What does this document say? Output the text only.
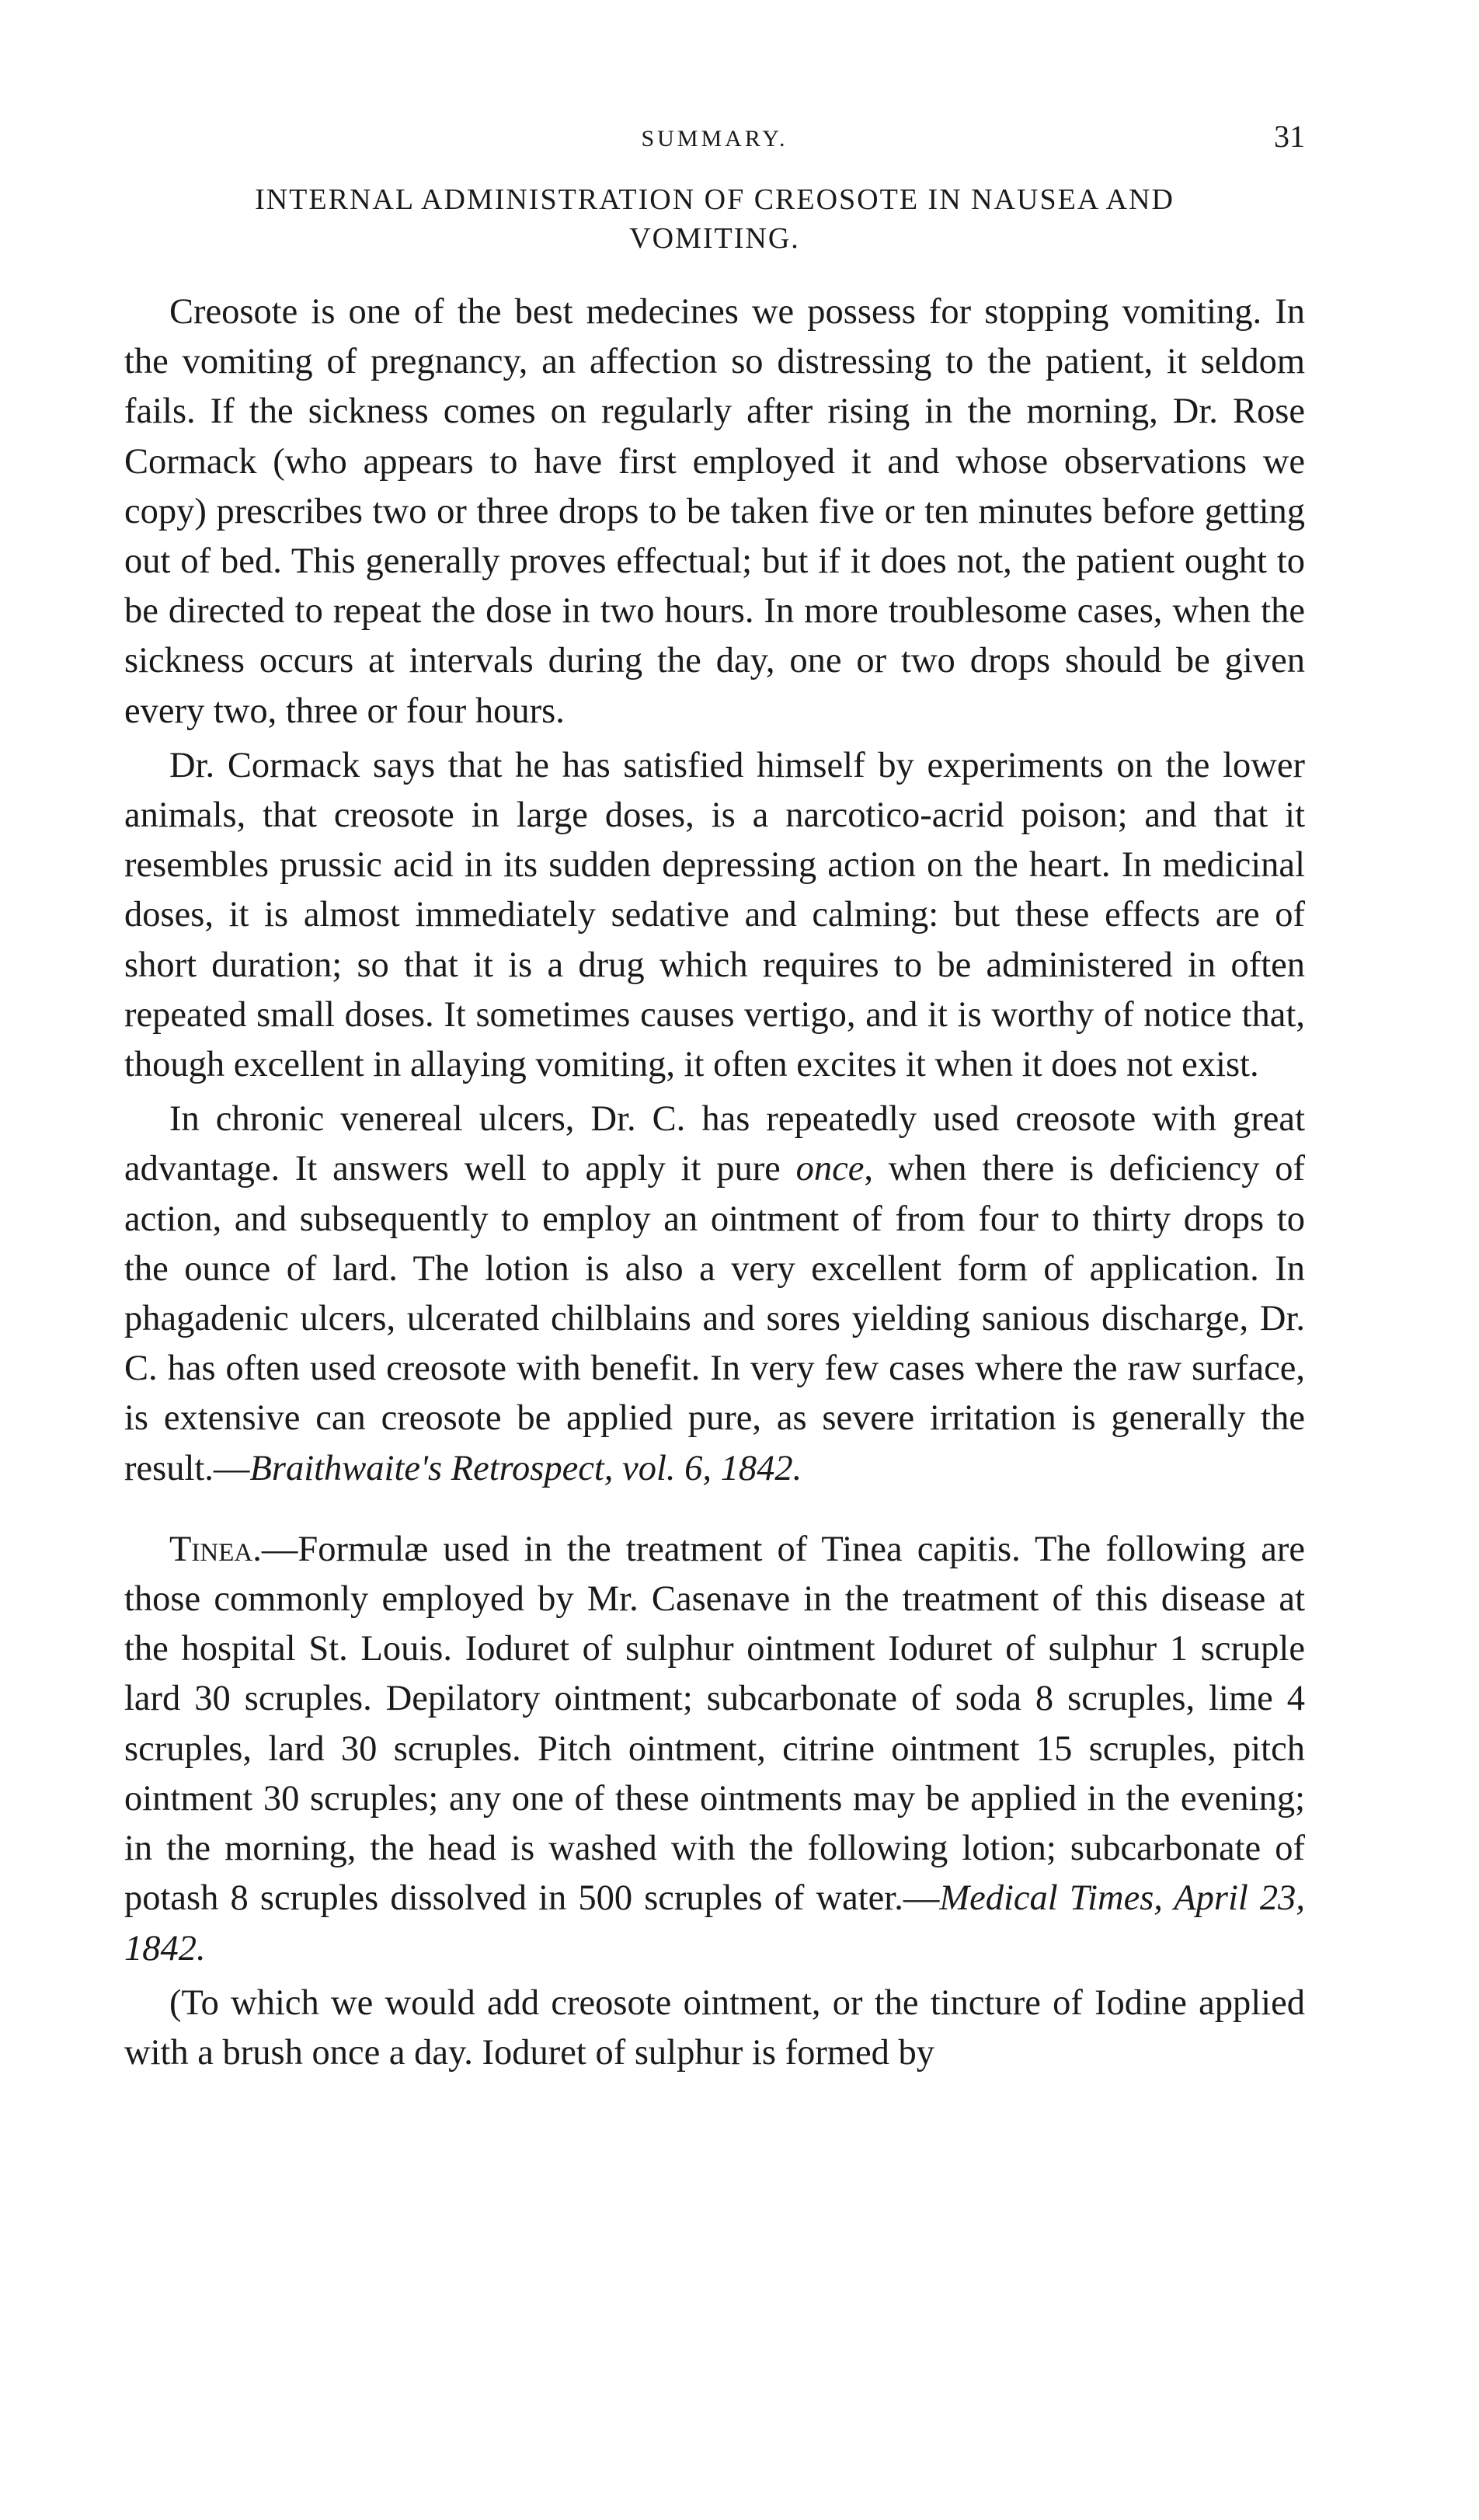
SUMMARY.	31
INTERNAL ADMINISTRATION OF CREOSOTE IN NAUSEA AND
VOMITING.

Creosote is one of the best medecines we possess for stopping vomiting. In the vomiting of pregnancy, an affection so distressing to the patient, it seldom fails. If the sickness comes on regularly after rising in the morning, Dr. Rose Cormack (who appears to have first employed it and whose observations we copy) prescribes two or three drops to be taken five or ten minutes before getting out of bed. This generally proves effectual; but if it does not, the patient ought to be directed to repeat the dose in two hours. In more troublesome cases, when the sickness occurs at intervals during the day, one or two drops should be given every two, three or four hours.

Dr. Cormack says that he has satisfied himself by experiments on the lower animals, that creosote in large doses, is a narcotico-acrid poison; and that it resembles prussic acid in its sudden depressing action on the heart. In medicinal doses, it is almost immediately sedative and calming: but these effects are of short duration; so that it is a drug which requires to be administered in often repeated small doses. It sometimes causes vertigo, and it is worthy of notice that, though excellent in allaying vomiting, it often excites it when it does not exist.

In chronic venereal ulcers, Dr. C. has repeatedly used creosote with great advantage. It answers well to apply it pure once, when there is deficiency of action, and subsequently to employ an ointment of from four to thirty drops to the ounce of lard. The lotion is also a very excellent form of application. In phagadenic ulcers, ulcerated chilblains and sores yielding sanious discharge, Dr. C. has often used creosote with benefit. In very few cases where the raw surface, is extensive can creosote be applied pure, as severe irritation is generally the result.—Braithwaite's Retrospect, vol. 6, 1842.

Tinea.—Formulæ used in the treatment of Tinea capitis. The following are those commonly employed by Mr. Casenave in the treatment of this disease at the hospital St. Louis. Ioduret of sulphur ointment Ioduret of sulphur 1 scruple lard 30 scruples. Depilatory ointment; subcarbonate of soda 8 scruples, lime 4 scruples, lard 30 scruples. Pitch ointment, citrine ointment 15 scruples, pitch ointment 30 scruples; any one of these ointments may be applied in the evening; in the morning, the head is washed with the following lotion; subcarbonate of potash 8 scruples dissolved in 500 scruples of water.—Medical Times, April 23, 1842.

(To which we would add creosote ointment, or the tincture of Iodine applied with a brush once a day. Ioduret of sulphur is formed by
